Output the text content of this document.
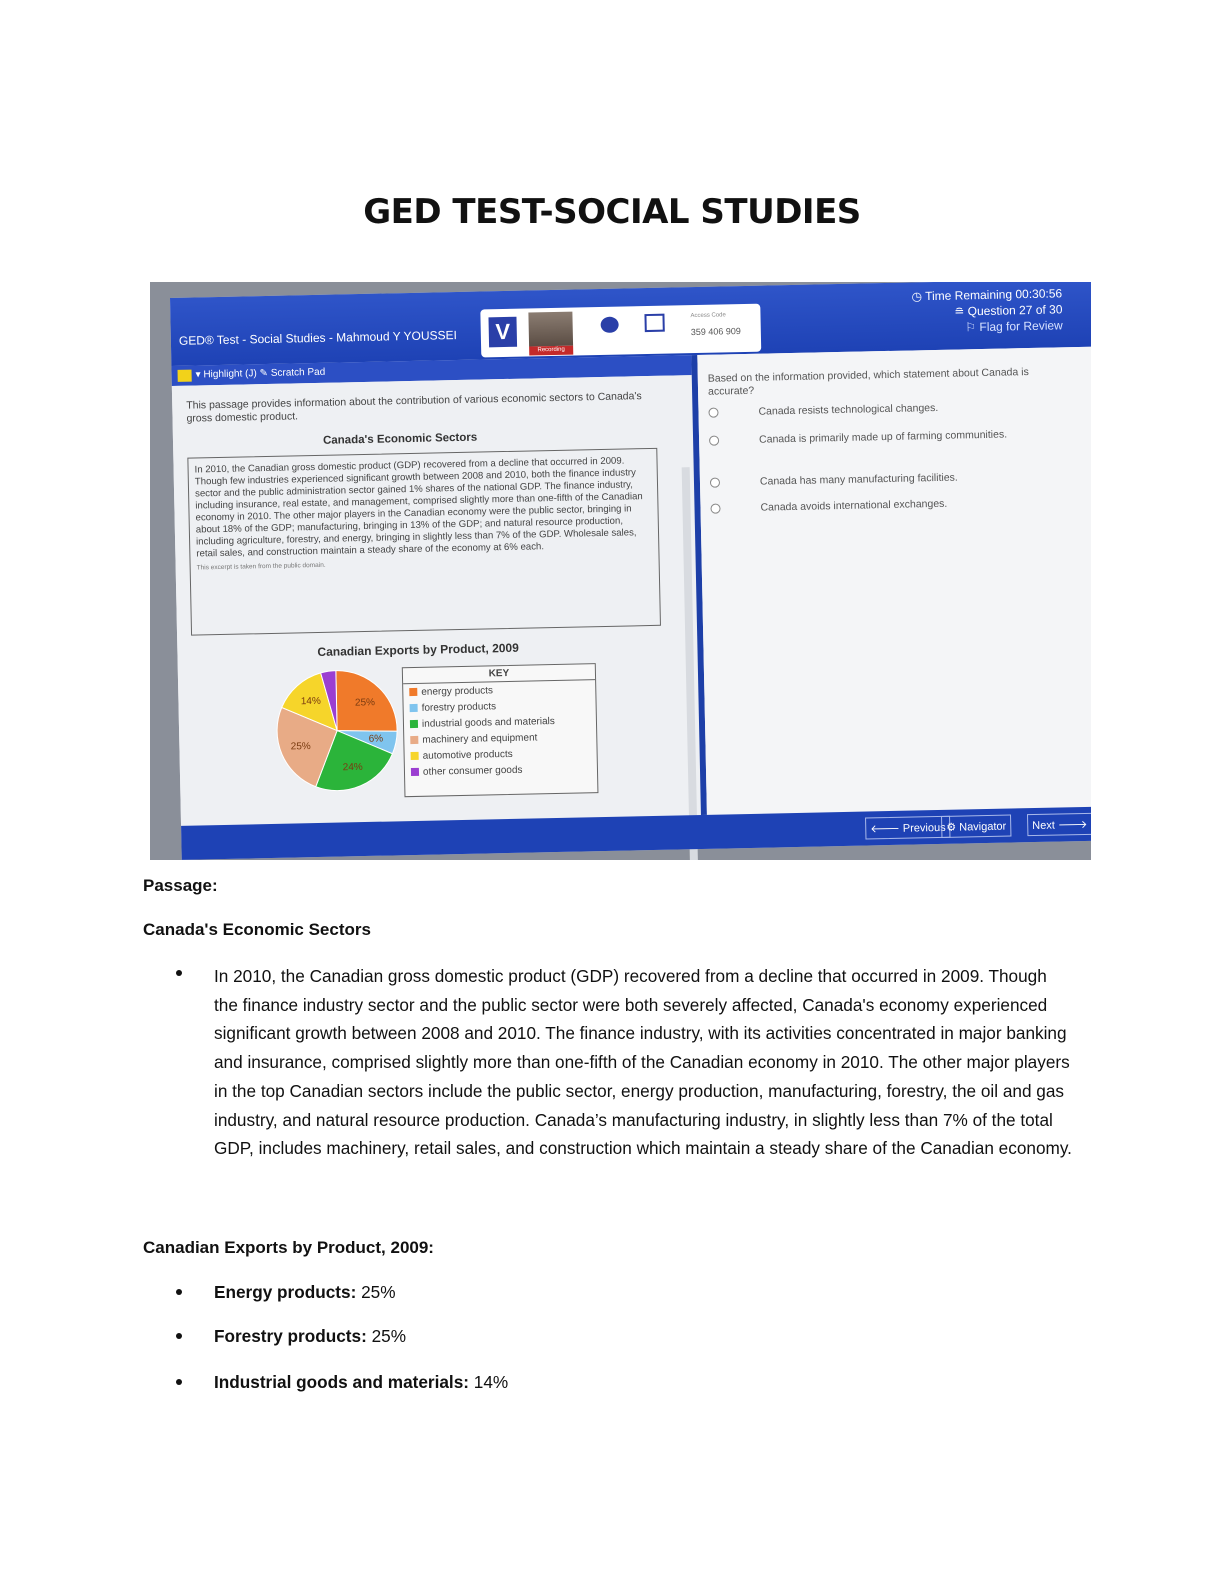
GED TEST-SOCIAL STUDIES
GED® Test - Social Studies - Mahmoud Y YOUSSEI	V
Recording
Access Code
359 406 909
◷ Time Remaining 00:30:56
≘ Question 27 of 30
⚐ Flag for Review
▾ Highlight (J) ✎ Scratch Pad
This passage provides information about the contribution of various economic sectors to Canada's gross domestic product.
Canada's Economic Sectors
In 2010, the Canadian gross domestic product (GDP) recovered from a decline that occurred in 2009. Though few industries experienced significant growth between 2008 and 2010, both the finance industry sector and the public administration sector gained 1% shares of the national GDP. The finance industry, including insurance, real estate, and management, comprised slightly more than one-fifth of the Canadian economy in 2010. The other major players in the Canadian economy were the public sector, bringing in about 18% of the GDP; manufacturing, bringing in 13% of the GDP; and natural resource production, including agriculture, forestry, and energy, bringing in slightly less than 7% of the GDP. Wholesale sales, retail sales, and construction maintain a steady share of the economy at 6% each.
This excerpt is taken from the public domain.
Canadian Exports by Product, 2009
25%
6%
24%
25%
14%
KEY
energy products
forestry products
industrial goods and materials
machinery and equipment
automotive products
other consumer goods
Based on the information provided, which statement about Canada is accurate?
Canada resists technological changes.
Canada is primarily made up of farming communities.
Canada has many manufacturing facilities.
Canada avoids international exchanges.
🡐 Previous ⚙ Navigator	Next 🡒
Passage:
Canada's Economic Sectors
In 2010, the Canadian gross domestic product (GDP) recovered from a decline that occurred in 2009. Though the finance industry sector and the public sector were both severely affected, Canada's economy experienced significant growth between 2008 and 2010. The finance industry, with its activities concentrated in major banking and insurance, comprised slightly more than one-fifth of the Canadian economy in 2010. The other major players in the top Canadian sectors include the public sector, energy production, manufacturing, forestry, the oil and gas industry, and natural resource production. Canada’s manufacturing industry, in slightly less than 7% of the total GDP, includes machinery, retail sales, and construction which maintain a steady share of the Canadian economy.
Canadian Exports by Product, 2009:
Energy products: 25%
Forestry products: 25%
Industrial goods and materials: 14%
